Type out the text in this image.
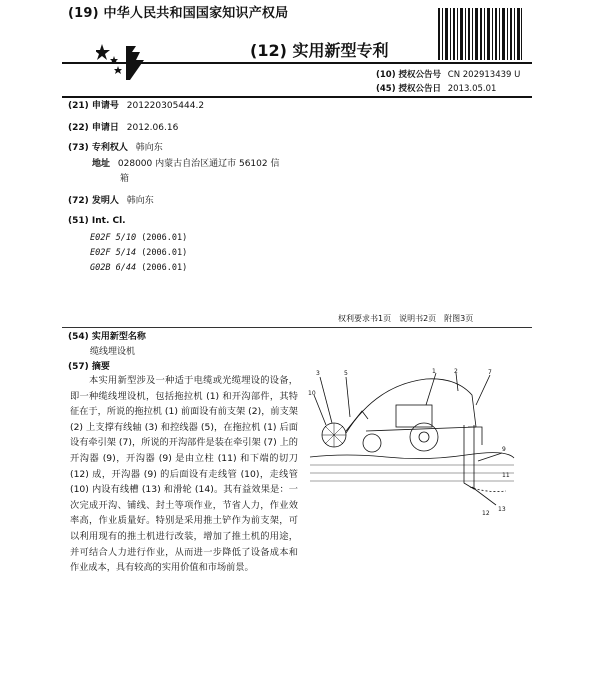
(19) 中华人民共和国国家知识产权局
(12) 实用新型专利
(10) 授权公告号 CN 202913439 U
(45) 授权公告日 2013.05.01
(21) 申请号 201220305444.2
(22) 申请日 2012.06.16
(73) 专利权人 韩向东
地址 028000 内蒙古自治区通辽市 56102 信
箱
(72) 发明人 韩向东
(51) Int. Cl.
E02F 5/10 (2006.01)
E02F 5/14 (2006.01)
G02B 6/44 (2006.01)
权利要求书1页　说明书2页　附图3页
(54) 实用新型名称
缆线埋设机
(57) 摘要
　　本实用新型涉及一种适于电缆或光缆埋设的设备，即一种缆线埋设机，包括拖拉机 (1) 和开沟部件，其特征在于，所说的拖拉机 (1) 前面设有前支架 (2)，前支架 (2) 上支撑有线轴 (3) 和控线器 (5)，在拖拉机 (1) 后面设有牵引架 (7)，所说的开沟部件是装在牵引架 (7) 上的开沟器 (9)，开沟器 (9) 是由立柱 (11) 和下端的切刀 (12) 成，开沟器 (9) 的后面设有走线管 (10)，走线管 (10) 内设有线槽 (13) 和滑轮 (14)。其有益效果是：一次完成开沟、铺线、封土等项作业，节省人力，作业效率高，作业质量好。特别是采用推土铲作为前支架，可以利用现有的推土机进行改装，增加了推土机的用途，并可结合人力进行作业，从而进一步降低了设备成本和作业成本，具有较高的实用价值和市场前景。
3	5	1	2	7
9
10
11
12
13
